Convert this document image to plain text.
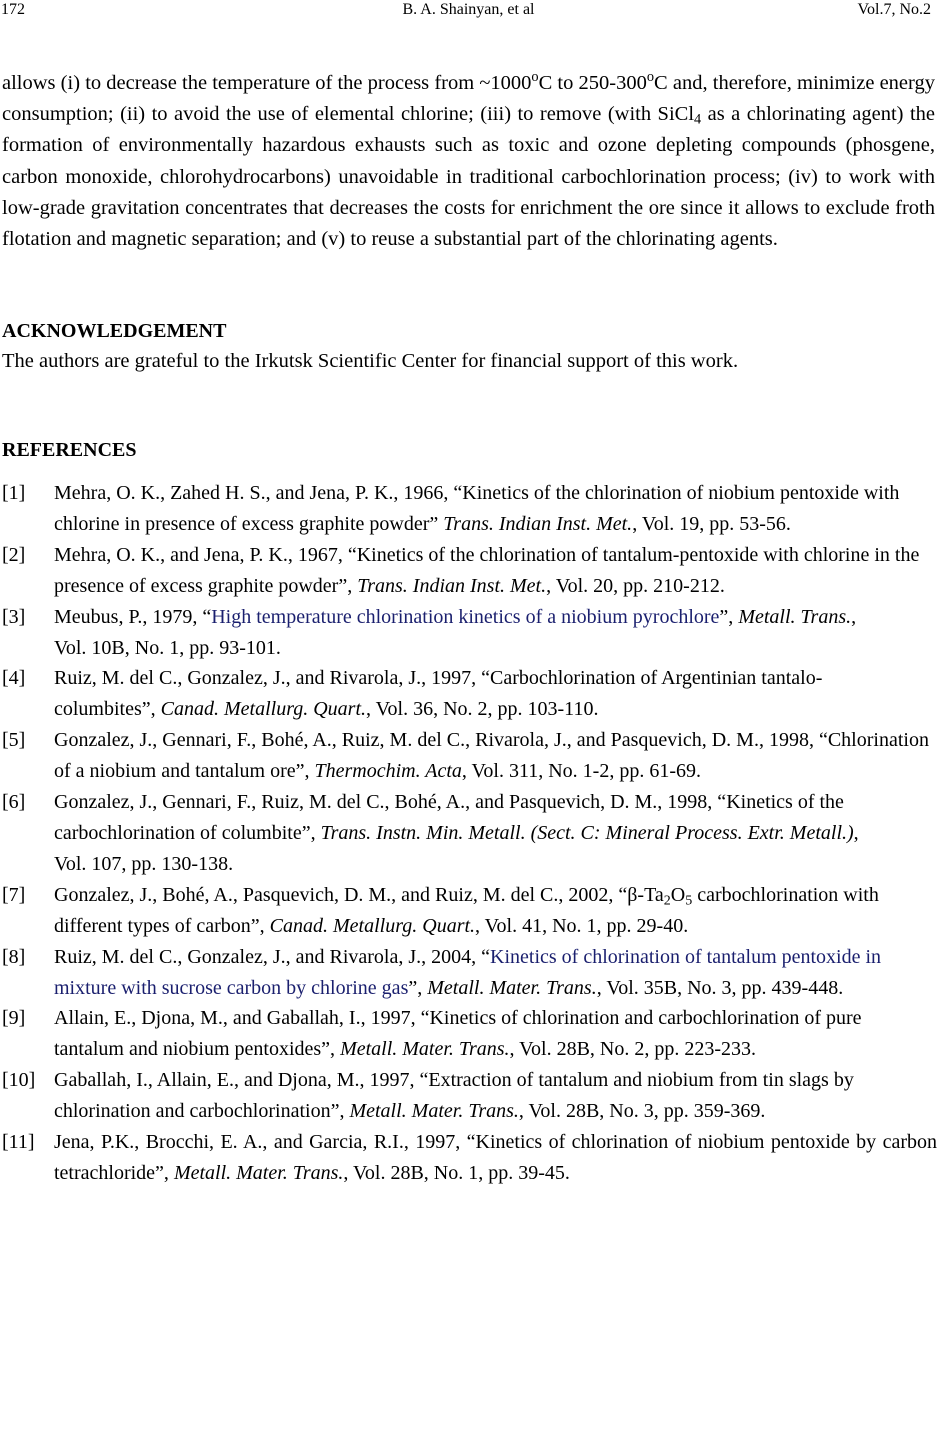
172	B. A. Shainyan, et al	Vol.7, No.2

allows (i) to decrease the temperature of the process from ~1000$^o$C to 250-300$^o$C and, therefore, minimize energy consumption; (ii) to avoid the use of elemental chlorine; (iii) to remove (with SiCl$_4$ as a chlorinating agent) the formation of environmentally hazardous exhausts such as toxic and ozone depleting compounds (phosgene, carbon monoxide, chlorohydrocarbons) unavoidable in traditional carbochlorination process; (iv) to work with low-grade gravitation concentrates that decreases the costs for enrichment the ore since it allows to exclude froth flotation and magnetic separation; and (v) to reuse a substantial part of the chlorinating agents.

ACKNOWLEDGEMENT
The authors are grateful to the Irkutsk Scientific Center for financial support of this work.
REFERENCES

[1] Mehra, O. K., Zahed H. S., and Jena, P. K., 1966, “Kinetics of the chlorination of niobium pentoxide with chlorine in presence of excess graphite powder” Trans. Indian Inst. Met., Vol. 19, pp. 53-56.

[2] Mehra, O. K., and Jena, P. K., 1967, “Kinetics of the chlorination of tantalum-pentoxide with chlorine in the presence of excess graphite powder”, Trans. Indian Inst. Met., Vol. 20, pp. 210-212.

[3] Meubus, P., 1979, “High temperature chlorination kinetics of a niobium pyrochlore”, Metall. Trans., Vol. 10B, No. 1, pp. 93-101.

[4] Ruiz, M. del C., Gonzalez, J., and Rivarola, J., 1997, “Carbochlorination of Argentinian tantalo-columbites”, Canad. Metallurg. Quart., Vol. 36, No. 2, pp. 103-110.

[5] Gonzalez, J., Gennari, F., Bohé, A., Ruiz, M. del C., Rivarola, J., and Pasquevich, D. M., 1998, “Chlorination of a niobium and tantalum ore”, Thermochim. Acta, Vol. 311, No. 1-2, pp. 61-69.

[6] Gonzalez, J., Gennari, F., Ruiz, M. del C., Bohé, A., and Pasquevich, D. M., 1998, “Kinetics of the carbochlorination of columbite”, Trans. Instn. Min. Metall. (Sect. C: Mineral Process. Extr. Metall.), Vol. 107, pp. 130-138.

[7] Gonzalez, J., Bohé, A., Pasquevich, D. M., and Ruiz, M. del C., 2002, “$\beta-Ta_2O_5$ carbochlorination with different types of carbon”, Canad. Metallurg. Quart., Vol. 41, No. 1, pp. 29-40.

[8] Ruiz, M. del C., Gonzalez, J., and Rivarola, J., 2004, “Kinetics of chlorination of tantalum pentoxide in mixture with sucrose carbon by chlorine gas”, Metall. Mater. Trans., Vol. 35B, No. 3, pp. 439-448.

[9] Allain, E., Djona, M., and Gaballah, I., 1997, “Kinetics of chlorination and carbochlorination of pure tantalum and niobium pentoxides”, Metall. Mater. Trans., Vol. 28B, No. 2, pp. 223-233.

[10] Gaballah, I., Allain, E., and Djona, M., 1997, “Extraction of tantalum and niobium from tin slags by chlorination and carbochlorination”, Metall. Mater. Trans., Vol. 28B, No. 3, pp. 359-369.

[11] Jena, P.K., Brocchi, E. A., and Garcia, R.I., 1997, “Kinetics of chlorination of niobium pentoxide by carbon tetrachloride”, Metall. Mater. Trans., Vol. 28B, No. 1, pp. 39-45.
